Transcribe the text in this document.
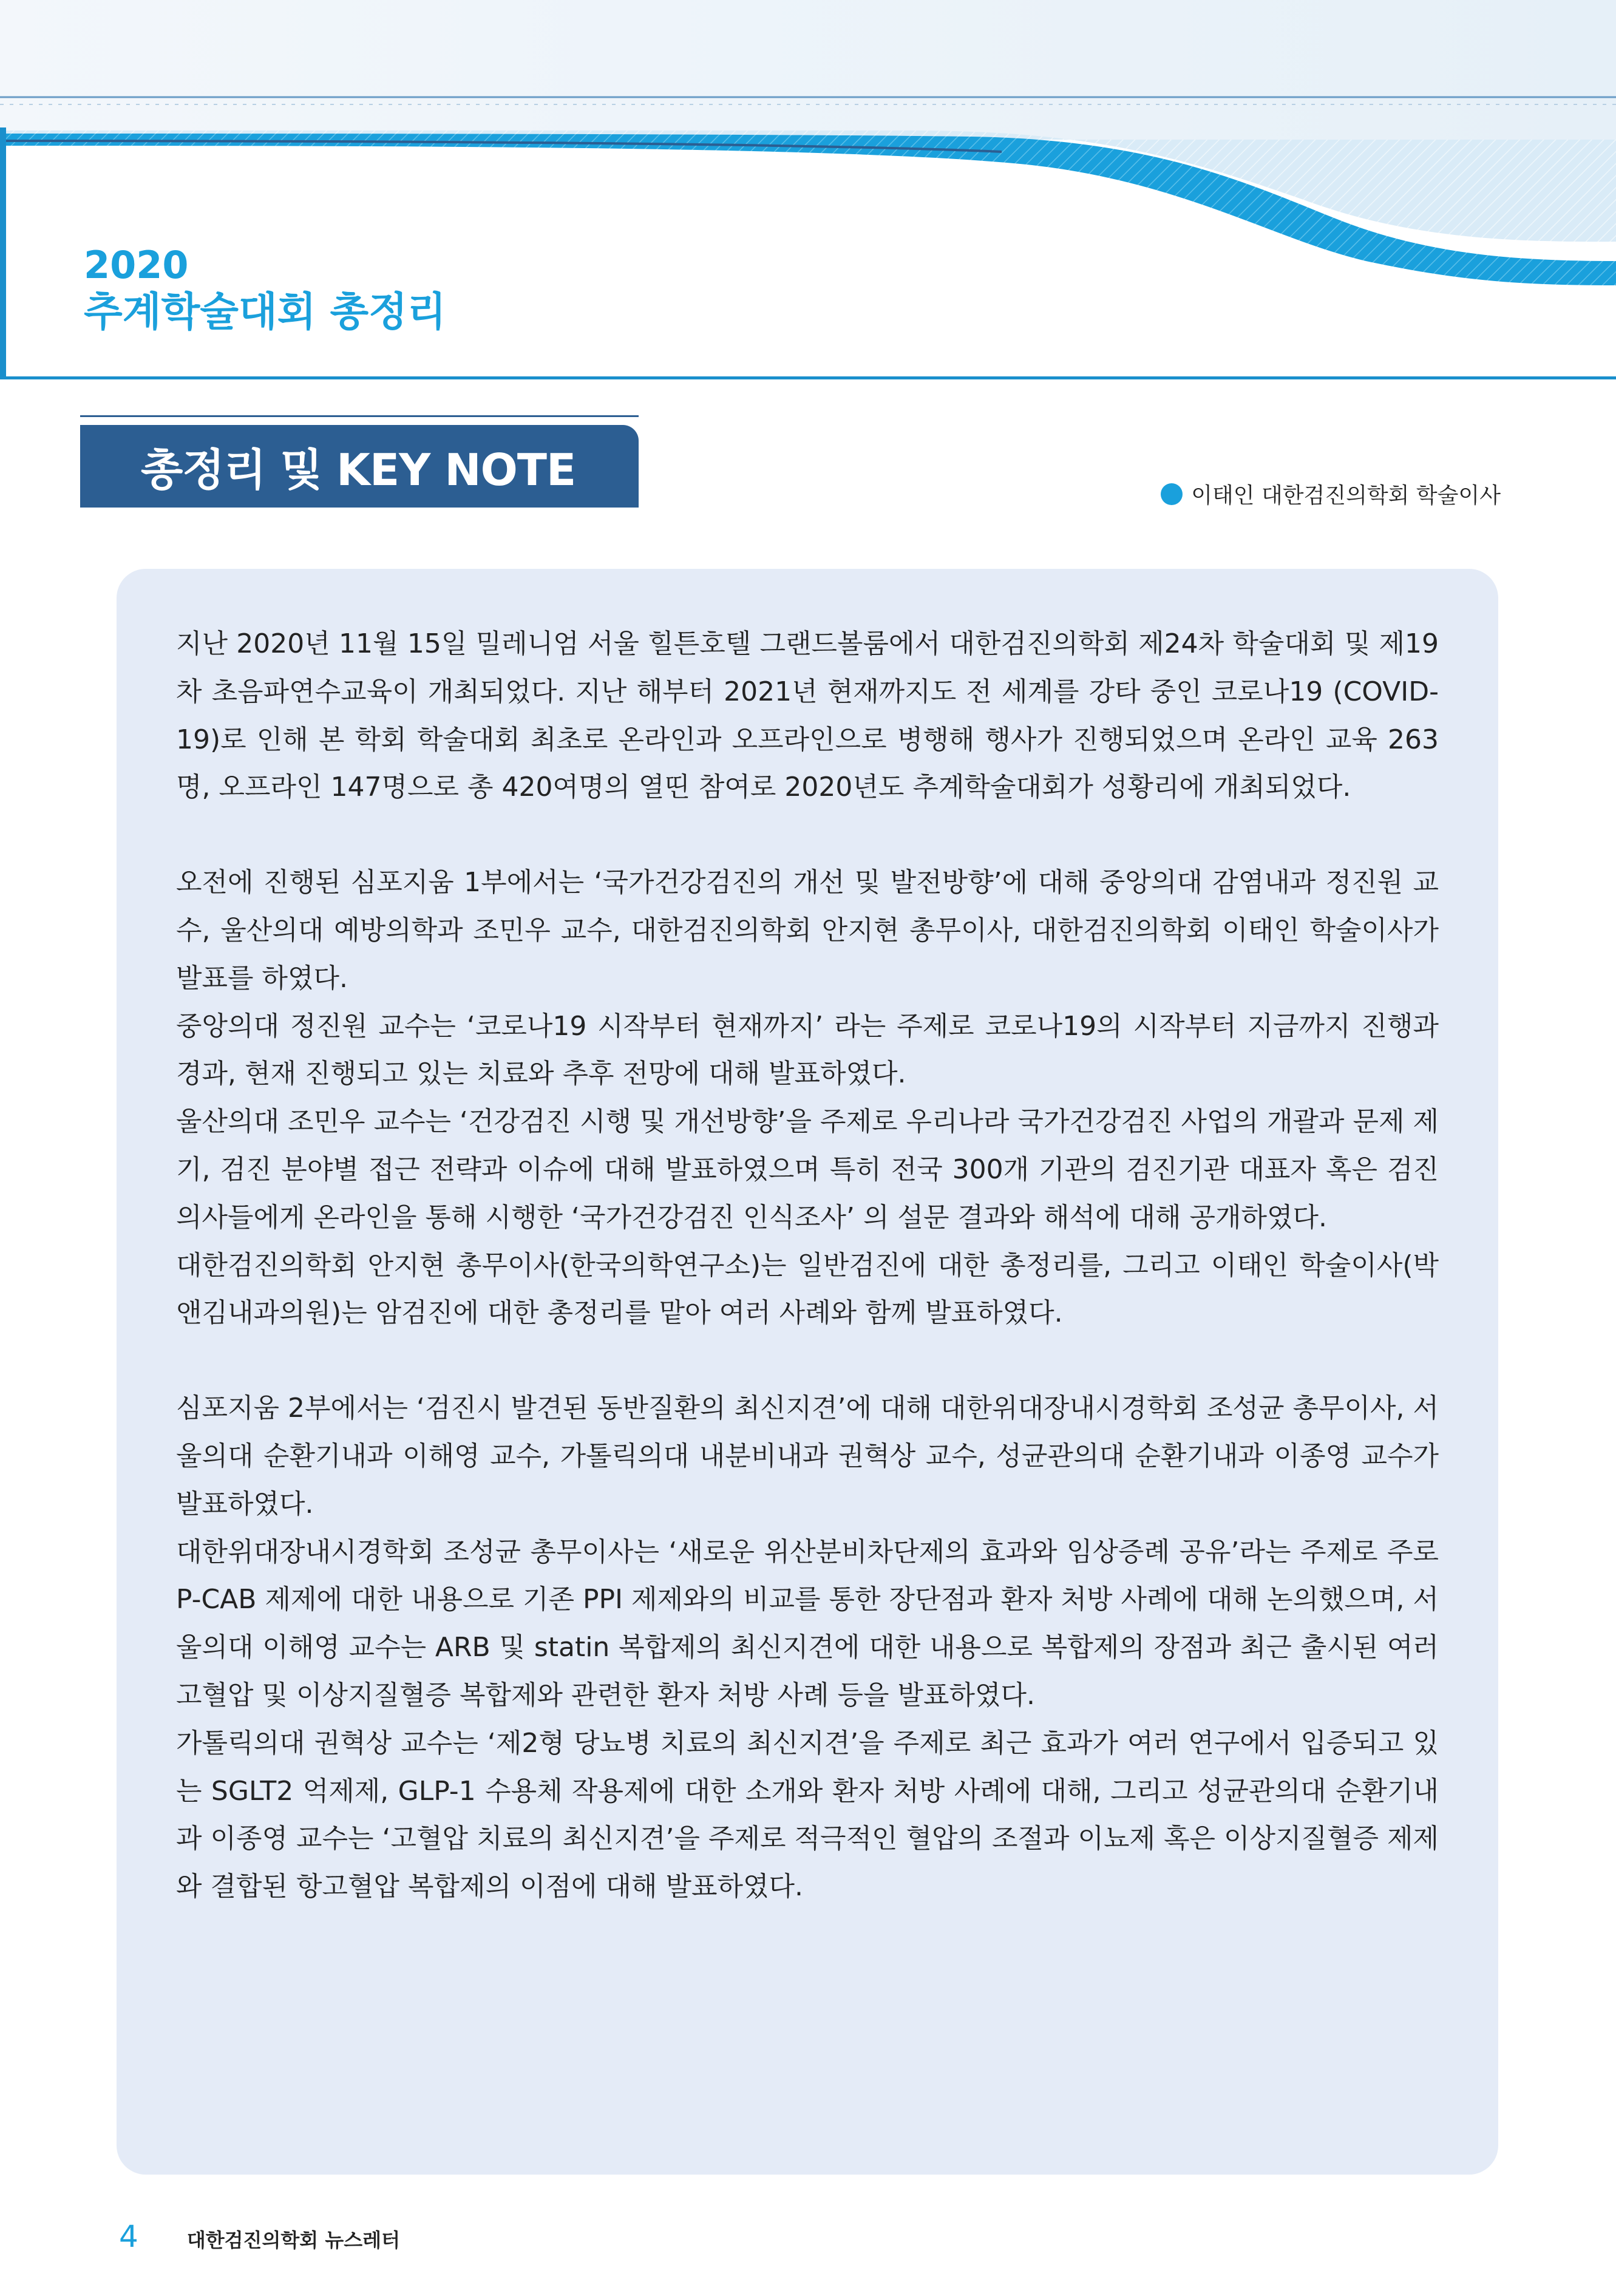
2020
추계학술대회 총정리
총정리 및 KEY NOTE
이태인 대한검진의학회 학술이사

지난 2020년 11월 15일 밀레니엄 서울 힐튼호텔 그랜드볼룸에서 대한검진의학회 제24차 학술대회 및 제19차 초음파연수교육이 개최되었다. 지난 해부터 2021년 현재까지도 전 세계를 강타 중인 코로나19 (COVID-19)로 인해 본 학회 학술대회 최초로 온라인과 오프라인으로 병행해 행사가 진행되었으며 온라인 교육 263명, 오프라인 147명으로 총 420여명의 열띤 참여로 2020년도 추계학술대회가 성황리에 개최되었다.

오전에 진행된 심포지움 1부에서는 ‘국가건강검진의 개선 및 발전방향’에 대해 중앙의대 감염내과 정진원 교수, 울산의대 예방의학과 조민우 교수, 대한검진의학회 안지현 총무이사, 대한검진의학회 이태인 학술이사가 발표를 하였다.

중앙의대 정진원 교수는 ‘코로나19 시작부터 현재까지’ 라는 주제로 코로나19의 시작부터 지금까지 진행과 경과, 현재 진행되고 있는 치료와 추후 전망에 대해 발표하였다.

울산의대 조민우 교수는 ‘건강검진 시행 및 개선방향’을 주제로 우리나라 국가건강검진 사업의 개괄과 문제 제기, 검진 분야별 접근 전략과 이슈에 대해 발표하였으며 특히 전국 300개 기관의 검진기관 대표자 혹은 검진의사들에게 온라인을 통해 시행한 ‘국가건강검진 인식조사’ 의 설문 결과와 해석에 대해 공개하였다.

대한검진의학회 안지현 총무이사(한국의학연구소)는 일반검진에 대한 총정리를, 그리고 이태인 학술이사(박앤김내과의원)는 암검진에 대한 총정리를 맡아 여러 사례와 함께 발표하였다.

심포지움 2부에서는 ‘검진시 발견된 동반질환의 최신지견’에 대해 대한위대장내시경학회 조성균 총무이사, 서울의대 순환기내과 이해영 교수, 가톨릭의대 내분비내과 권혁상 교수, 성균관의대 순환기내과 이종영 교수가 발표하였다.

대한위대장내시경학회 조성균 총무이사는 ‘새로운 위산분비차단제의 효과와 임상증례 공유’라는 주제로 주로 P-CAB 제제에 대한 내용으로 기존 PPI 제제와의 비교를 통한 장단점과 환자 처방 사례에 대해 논의했으며, 서울의대 이해영 교수는 ARB 및 statin 복합제의 최신지견에 대한 내용으로 복합제의 장점과 최근 출시된 여러 고혈압 및 이상지질혈증 복합제와 관련한 환자 처방 사례 등을 발표하였다.

가톨릭의대 권혁상 교수는 ‘제2형 당뇨병 치료의 최신지견’을 주제로 최근 효과가 여러 연구에서 입증되고 있는 SGLT2 억제제, GLP-1 수용체 작용제에 대한 소개와 환자 처방 사례에 대해, 그리고 성균관의대 순환기내과 이종영 교수는 ‘고혈압 치료의 최신지견’을 주제로 적극적인 혈압의 조절과 이뇨제 혹은 이상지질혈증 제제와 결합된 항고혈압 복합제의 이점에 대해 발표하였다.

4	대한검진의학회 뉴스레터
